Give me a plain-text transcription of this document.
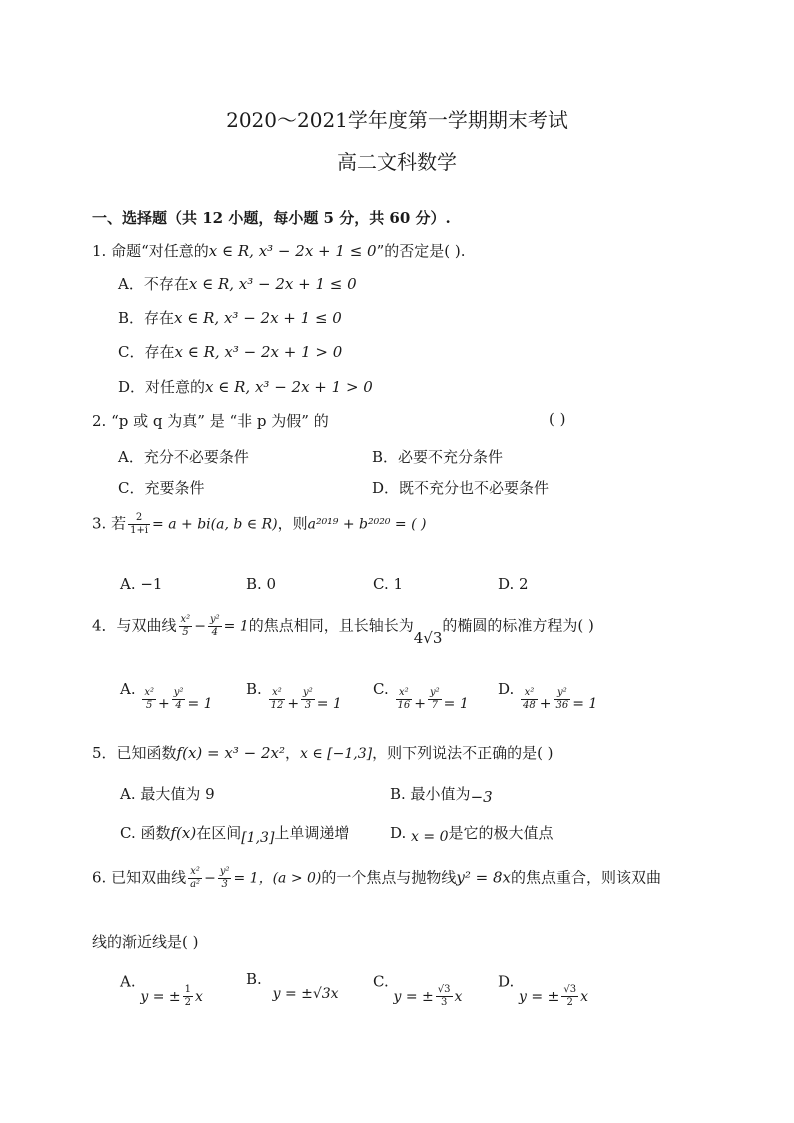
2020～2021学年度第一学期期末考试
高二文科数学
一、选择题（共 12 小题，每小题 5 分，共 60 分）.
1. 命题“对任意的x ∈ R, x³ − 2x + 1 ≤ 0”的否定是( ).
A．不存在x ∈ R, x³ − 2x + 1 ≤ 0
B．存在x ∈ R, x³ − 2x + 1 ≤ 0
C．存在x ∈ R, x³ − 2x + 1 > 0
D．对任意的x ∈ R, x³ − 2x + 1 > 0
2. “p 或 q 为真” 是 “非 p 为假” 的	( )
A．充分不必要条件	B．必要不充分条件
C．充要条件	D．既不充分也不必要条件
3. 若 $\frac{2}{1+i} = a + bi(a$, b ∈ R)，则a²⁰¹⁹ + b²⁰²⁰ = ( )
A. −1	B. 0	C. 1	D. 2
4．与双曲线 $\frac{\text{x²}}{5} - \frac{\text{y²}}{4} = 1$的焦点相同，且长轴长为4√3的椭圆的标准方程为( )
A. $\frac{\text{x²}}{5} + \frac{\text{y²}}{4} = 1$
B. $\frac{\text{x²}}{12} + \frac{\text{y²}}{3} = 1$
C. $\frac{\text{x²}}{16} + \frac{\text{y²}}{7} = 1$
D. $\frac{\text{x²}}{48} + \frac{\text{y²}}{36} = 1$
5．已知函数f(x) = x³ − 2x²，x ∈ [−1,3]，则下列说法不正确的是( )
A. 最大值为 9	B. 最小值为−3
C. 函数f(x)在区间[1,3]上单调递增	D. x = 0是它的极大值点
6. 已知双曲线 $\frac{\text{x²}}{\text{a²}} - \frac{\text{y²}}{3} = 1$，(a > 0)的一个焦点与抛物线y² = 8x的焦点重合，则该双曲
线的渐近线是( )
A. y = ± $\frac{1}{2}$ x
B. y = ±√3x
C. y = ± $\frac{√3}{3}$ x
D. y = ± $\frac{√3}{2}$ x
